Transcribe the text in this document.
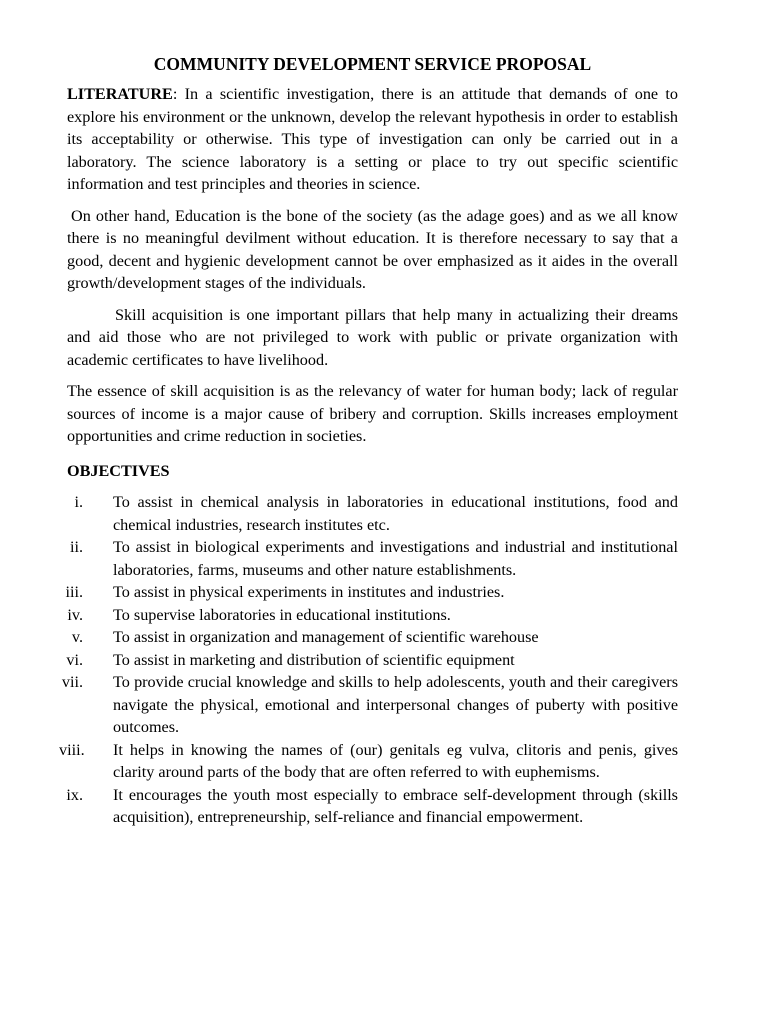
COMMUNITY DEVELOPMENT SERVICE PROPOSAL

LITERATURE: In a scientific investigation, there is an attitude that demands of one to explore his environment or the unknown, develop the relevant hypothesis in order to establish its acceptability or otherwise. This type of investigation can only be carried out in a laboratory. The science laboratory is a setting or place to try out specific scientific information and test principles and theories in science.

On other hand, Education is the bone of the society (as the adage goes) and as we all know there is no meaningful devilment without education. It is therefore necessary to say that a good, decent and hygienic development cannot be over emphasized as it aides in the overall growth/development stages of the individuals.

Skill acquisition is one important pillars that help many in actualizing their dreams and aid those who are not privileged to work with public or private organization with academic certificates to have livelihood.

The essence of skill acquisition is as the relevancy of water for human body; lack of regular sources of income is a major cause of bribery and corruption. Skills increases employment opportunities and crime reduction in societies.

OBJECTIVES
i. To assist in chemical analysis in laboratories in educational institutions, food and chemical industries, research institutes etc.
ii. To assist in biological experiments and investigations and industrial and institutional laboratories, farms, museums and other nature establishments.
iii. To assist in physical experiments in institutes and industries.
iv. To supervise laboratories in educational institutions.
v. To assist in organization and management of scientific warehouse
vi. To assist in marketing and distribution of scientific equipment
vii. To provide crucial knowledge and skills to help adolescents, youth and their caregivers navigate the physical, emotional and interpersonal changes of puberty with positive outcomes.
viii. It helps in knowing the names of (our) genitals eg vulva, clitoris and penis, gives clarity around parts of the body that are often referred to with euphemisms.
ix. It encourages the youth most especially to embrace self-development through (skills acquisition), entrepreneurship, self-reliance and financial empowerment.
